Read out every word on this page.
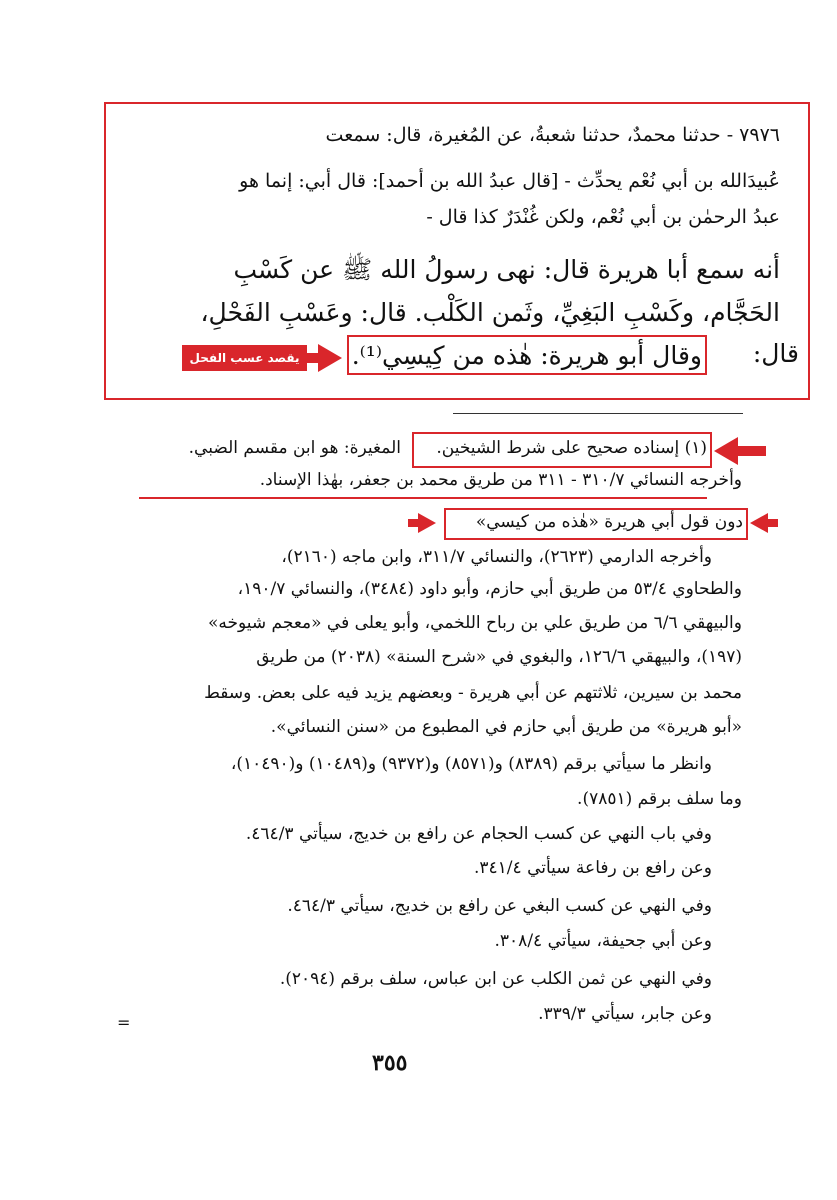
٧٩٧٦ - حدثنا محمدٌ، حدثنا شعبةُ، عن المُغيرة، قال: سمعت
عُبيدَالله بن أبي نُعْم يحدِّث - [قال عبدُ الله بن أحمد]: قال أبي: إنما هو
عبدُ الرحمٰن بن أبي نُعْم، ولكن غُنْدَرٌ كذا قال -
أنه سمع أبا هريرة قال: نهى رسولُ الله ﷺ عن كَسْبِ
الحَجَّام، وكَسْبِ البَغِيِّ، وثَمن الكَلْب. قال: وعَسْبِ الفَحْلِ،
قال:
وقال أبو هريرة: هٰذه من كِيسِي⁽¹⁾.
يقصد عسب الفحل
(١) إسناده صحيح على شرط الشيخين.
المغيرة: هو ابن مقسم الضبي.
وأخرجه النسائي ٣١٠/٧ - ٣١١ من طريق محمد بن جعفر، بهٰذا الإسناد.
دون قول أبي هريرة «هٰذه من كيسي»
وأخرجه الدارمي (٢٦٢٣)، والنسائي ٣١١/٧، وابن ماجه (٢١٦٠)،
والطحاوي ٥٣/٤ من طريق أبي حازم، وأبو داود (٣٤٨٤)، والنسائي ١٩٠/٧،
والبيهقي ٦/٦ من طريق علي بن رباح اللخمي، وأبو يعلى في «معجم شيوخه»
(١٩٧)، والبيهقي ١٢٦/٦، والبغوي في «شرح السنة» (٢٠٣٨) من طريق
محمد بن سيرين، ثلاثتهم عن أبي هريرة - وبعضهم يزيد فيه على بعض. وسقط
«أبو هريرة» من طريق أبي حازم في المطبوع من «سنن النسائي».
وانظر ما سيأتي برقم (٨٣٨٩) و(٨٥٧١) و(٩٣٧٢) و(١٠٤٨٩) و(١٠٤٩٠)،
وما سلف برقم (٧٨٥١).
وفي باب النهي عن كسب الحجام عن رافع بن خديج، سيأتي ٤٦٤/٣.
وعن رافع بن رفاعة سيأتي ٣٤١/٤.
وفي النهي عن كسب البغي عن رافع بن خديج، سيأتي ٤٦٤/٣.
وعن أبي جحيفة، سيأتي ٣٠٨/٤.
وفي النهي عن ثمن الكلب عن ابن عباس، سلف برقم (٢٠٩٤).
وعن جابر، سيأتي ٣٣٩/٣.
=
٣٥٥
